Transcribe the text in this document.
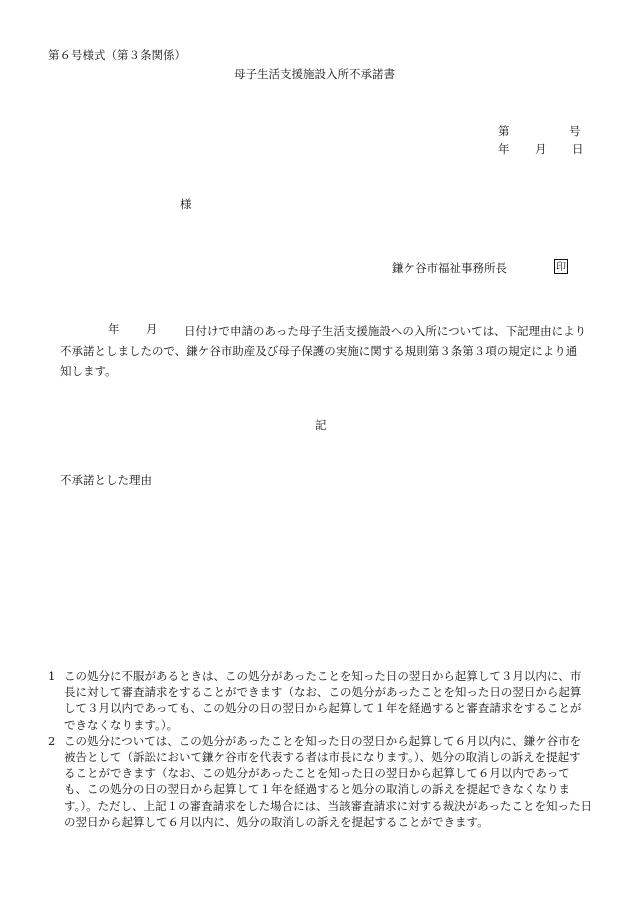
第６号様式（第３条関係）
母子生活支援施設入所不承諾書
第	号
年 月 日
様
鎌ケ谷市福祉事務所長	印
年 月	日付けで申請のあった母子生活支援施設への入所については、下記理由により不承諾としましたので、鎌ケ谷市助産及び母子保護の実施に関する規則第３条第３項の規定により通知します。
記
不承諾とした理由
1 この処分に不服があるときは、この処分があったことを知った日の翌日から起算して３月以内に、市長に対して審査請求をすることができます（なお、この処分があったことを知った日の翌日から起算して３月以内であっても、この処分の日の翌日から起算して１年を経過すると審査請求をすることができなくなります。）。
2 この処分については、この処分があったことを知った日の翌日から起算して６月以内に、鎌ケ谷市を被告として（訴訟において鎌ケ谷市を代表する者は市長になります。）、処分の取消しの訴えを提起することができます（なお、この処分があったことを知った日の翌日から起算して６月以内であっても、この処分の日の翌日から起算して１年を経過すると処分の取消しの訴えを提起できなくなります。）。ただし、上記１の審査請求をした場合には、当該審査請求に対する裁決があったことを知った日の翌日から起算して６月以内に、処分の取消しの訴えを提起することができます。
